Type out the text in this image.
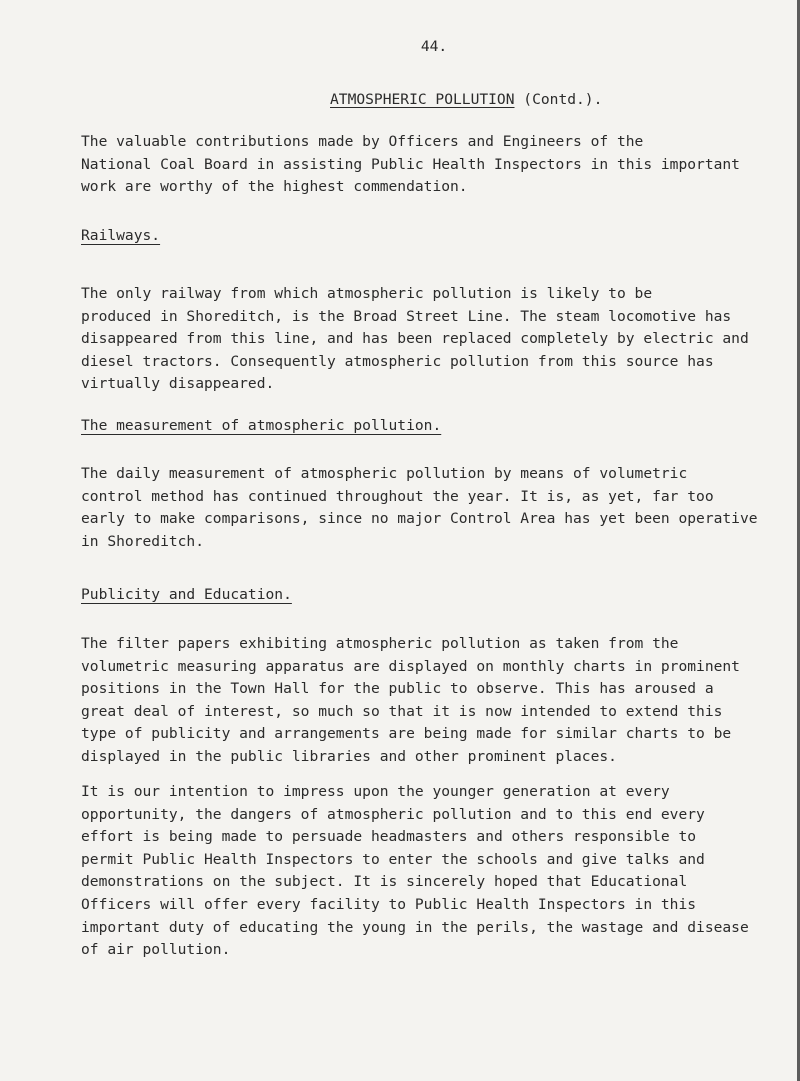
44.

ATMOSPHERIC POLLUTION (Contd.).

The valuable contributions made by Officers and Engineers of the
National Coal Board in assisting Public Health Inspectors in this important
work are worthy of the highest commendation.

Railways.

The only railway from which atmospheric pollution is likely to be
produced in Shoreditch, is the Broad Street Line. The steam locomotive has
disappeared from this line, and has been replaced completely by electric and
diesel tractors. Consequently atmospheric pollution from this source has
virtually disappeared.

The measurement of atmospheric pollution.

The daily measurement of atmospheric pollution by means of volumetric
control method has continued throughout the year. It is, as yet, far too
early to make comparisons, since no major Control Area has yet been operative
in Shoreditch.

Publicity and Education.

The filter papers exhibiting atmospheric pollution as taken from the
volumetric measuring apparatus are displayed on monthly charts in prominent
positions in the Town Hall for the public to observe. This has aroused a
great deal of interest, so much so that it is now intended to extend this
type of publicity and arrangements are being made for similar charts to be
displayed in the public libraries and other prominent places.

It is our intention to impress upon the younger generation at every
opportunity, the dangers of atmospheric pollution and to this end every
effort is being made to persuade headmasters and others responsible to
permit Public Health Inspectors to enter the schools and give talks and
demonstrations on the subject. It is sincerely hoped that Educational
Officers will offer every facility to Public Health Inspectors in this
important duty of educating the young in the perils, the wastage and disease
of air pollution.
